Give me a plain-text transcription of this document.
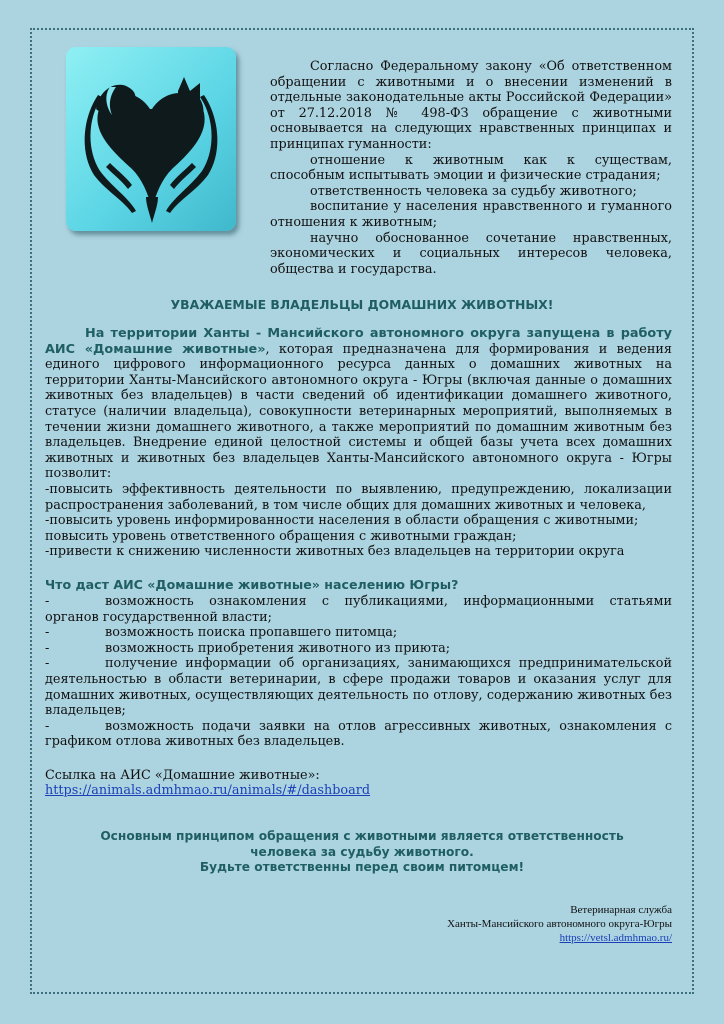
Согласно Федеральному закону «Об ответственном обращении с животными и о внесении изменений в отдельные законодательные акты Российской Федерации» от 27.12.2018 № 498-ФЗ обращение с животными основывается на следующих нравственных принципах и принципах гуманности:

отношение к животным как к существам, способным испытывать эмоции и физические страдания;

ответственность человека за судьбу животного;

воспитание у населения нравственного и гуманного отношения к животным;

научно обоснованное сочетание нравственных, экономических и социальных интересов человека, общества и государства.

УВАЖАЕМЫЕ ВЛАДЕЛЬЦЫ ДОМАШНИХ ЖИВОТНЫХ!

На территории Ханты - Мансийского автономного округа запущена в работу АИС «Домашние животные», которая предназначена для формирования и ведения единого цифрового информационного ресурса данных о домашних животных на территории Ханты-Мансийского автономного округа - Югры (включая данные о домашних животных без владельцев) в части сведений об идентификации домашнего животного, статусе (наличии владельца), совокупности ветеринарных мероприятий, выполняемых в течении жизни домашнего животного, а также мероприятий по домашним животным без владельцев. Внедрение единой целостной системы и общей базы учета всех домашних животных и животных без владельцев Ханты-Мансийского автономного округа - Югры позволит:

-повысить эффективность деятельности по выявлению, предупреждению, локализации распространения заболеваний, в том числе общих для домашних животных и человека,

-повысить уровень информированности населения в области обращения с животными;

повысить уровень ответственного обращения с животными граждан;

-привести к снижению численности животных без владельцев на территории округа

Что даст АИС «Домашние животные» населению Югры?

-	возможность ознакомления с публикациями, информационными статьями органов государственной власти;

-	возможность поиска пропавшего питомца;

-	возможность приобретения животного из приюта;

-	получение информации об организациях, занимающихся предпринимательской деятельностью в области ветеринарии, в сфере продажи товаров и оказания услуг для домашних животных, осуществляющих деятельность по отлову, содержанию животных без владельцев;

-	возможность подачи заявки на отлов агрессивных животных, ознакомления с графиком отлова животных без владельцев.

Ссылка на АИС «Домашние животные»:
https://animals.admhmao.ru/animals/#/dashboard
Основным принципом обращения с животными является ответственность
человека за судьбу животного.
Будьте ответственны перед своим питомцем!
Ветеринарная служба
Ханты-Мансийского автономного округа-Югры
https://vetsl.admhmao.ru/
